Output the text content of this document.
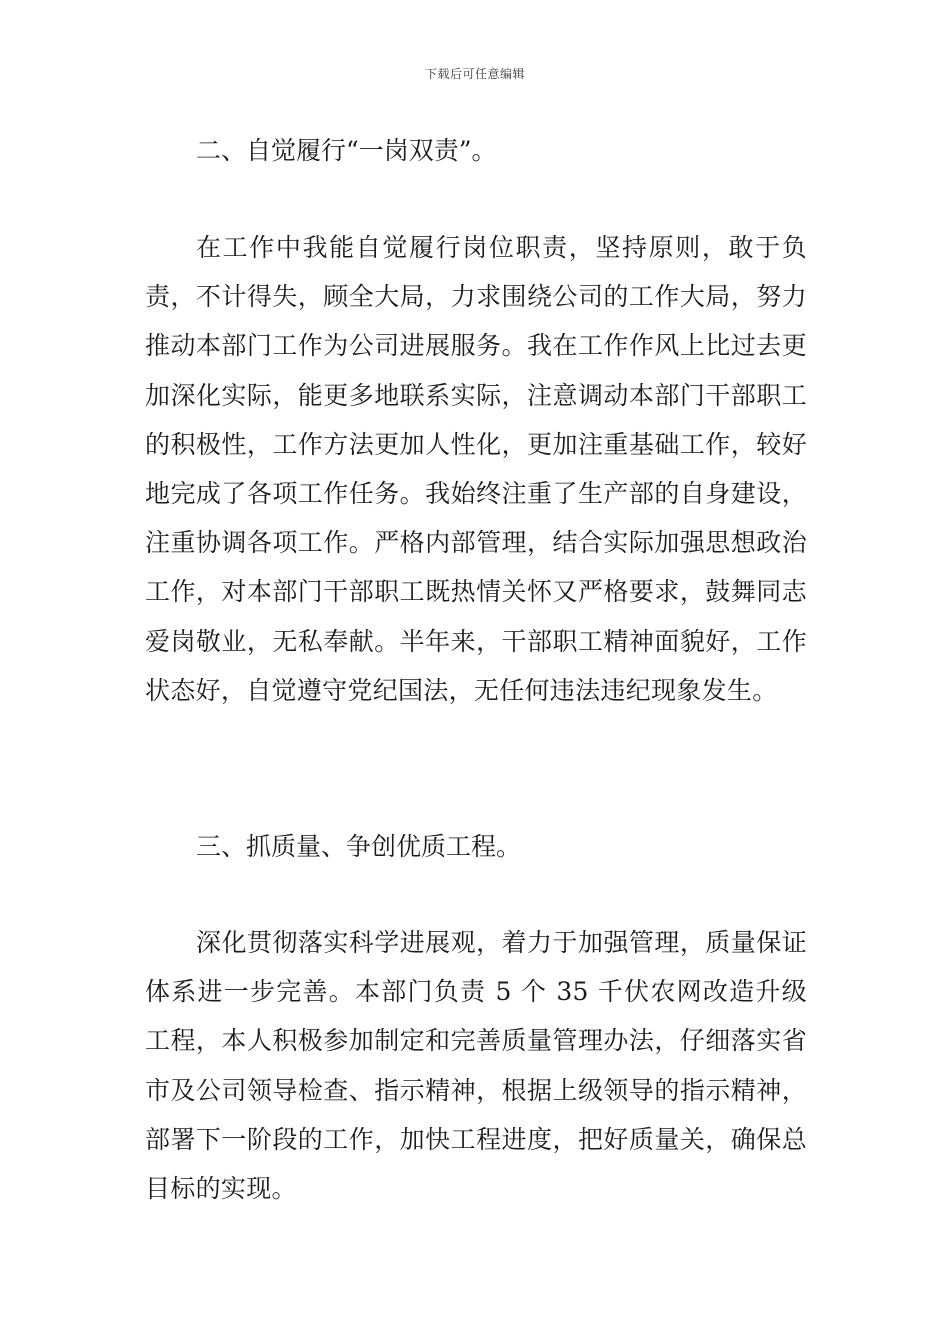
下载后可任意编辑
二、自觉履行“一岗双责”。
在工作中我能自觉履行岗位职责，坚持原则，敢于负责，不计得失，顾全大局，力求围绕公司的工作大局，努力推动本部门工作为公司进展服务。我在工作作风上比过去更加深化实际，能更多地联系实际，注意调动本部门干部职工的积极性，工作方法更加人性化，更加注重基础工作，较好地完成了各项工作任务。我始终注重了生产部的自身建设，注重协调各项工作。严格内部管理，结合实际加强思想政治工作，对本部门干部职工既热情关怀又严格要求，鼓舞同志爱岗敬业，无私奉献。半年来，干部职工精神面貌好，工作状态好，自觉遵守党纪国法，无任何违法违纪现象发生。
三、抓质量、争创优质工程。
深化贯彻落实科学进展观，着力于加强管理，质量保证体系进一步完善。本部门负责 5 个 35 千伏农网改造升级工程，本人积极参加制定和完善质量管理办法，仔细落实省市及公司领导检查、指示精神，根据上级领导的指示精神，部署下一阶段的工作，加快工程进度，把好质量关，确保总目标的实现。
